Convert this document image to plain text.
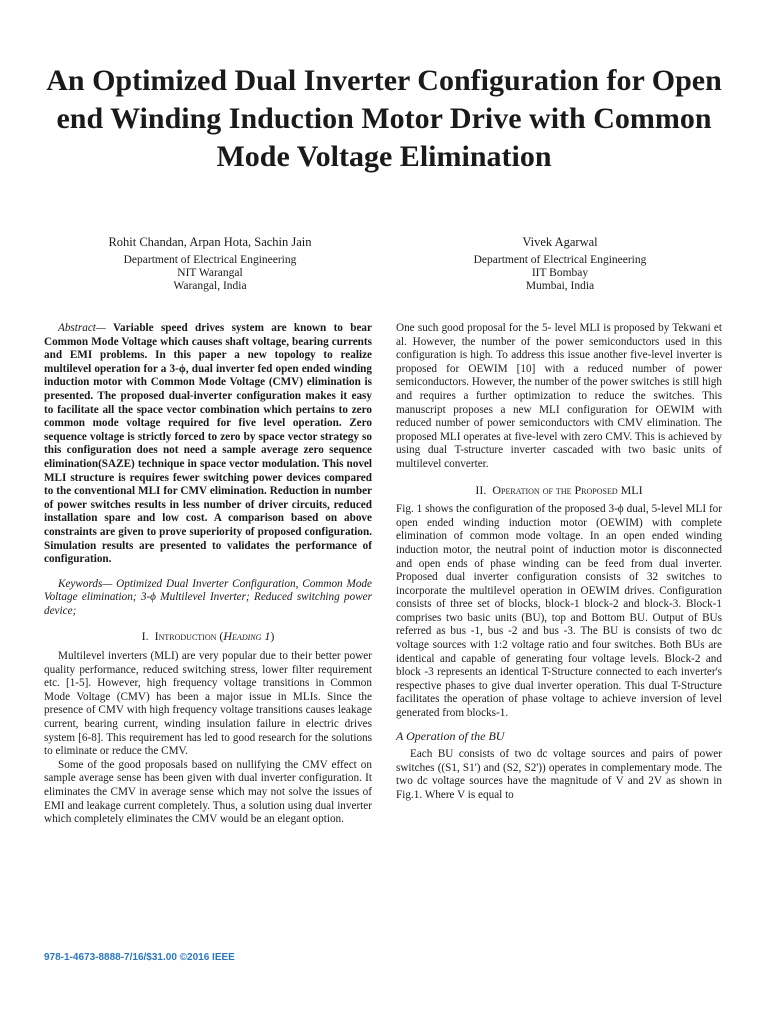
An Optimized Dual Inverter Configuration for Open end Winding Induction Motor Drive with Common Mode Voltage Elimination
Rohit Chandan, Arpan Hota, Sachin Jain
Department of Electrical Engineering
NIT Warangal
Warangal, India
Vivek Agarwal
Department of Electrical Engineering
IIT Bombay
Mumbai, India

Abstract— Variable speed drives system are known to bear Common Mode Voltage which causes shaft voltage, bearing currents and EMI problems. In this paper a new topology to realize multilevel operation for a 3-ϕ, dual inverter fed open ended winding induction motor with Common Mode Voltage (CMV) elimination is presented. The proposed dual-inverter configuration makes it easy to facilitate all the space vector combination which pertains to zero common mode voltage required for five level operation. Zero sequence voltage is strictly forced to zero by space vector strategy so this configuration does not need a sample average zero sequence elimination(SAZE) technique in space vector modulation. This novel MLI structure is requires fewer switching power devices compared to the conventional MLI for CMV elimination. Reduction in number of power switches results in less number of driver circuits, reduced installation spare and low cost. A comparison based on above constraints are given to prove superiority of proposed configuration. Simulation results are presented to validates the performance of configuration.

Keywords— Optimized Dual Inverter Configuration, Common Mode Voltage elimination; 3-ϕ Multilevel Inverter; Reduced switching power device;

I. Introduction (Heading 1)

Multilevel inverters (MLI) are very popular due to their better power quality performance, reduced switching stress, lower filter requirement etc. [1-5]. However, high frequency voltage transitions in Common Mode Voltage (CMV) has been a major issue in MLIs. Since the presence of CMV with high frequency voltage transitions causes leakage current, bearing current, winding insulation failure in electric drives system [6-8]. This requirement has led to good research for the solutions to eliminate or reduce the CMV.

Some of the good proposals based on nullifying the CMV effect on sample average sense has been given with dual inverter configuration. It eliminates the CMV in average sense which may not solve the issues of EMI and leakage current completely. Thus, a solution using dual inverter which completely eliminates the CMV would be an elegant option.

One such good proposal for the 5- level MLI is proposed by Tekwani et al. However, the number of the power semiconductors used in this configuration is high. To address this issue another five-level inverter is proposed for OEWIM [10] with a reduced number of power semiconductors. However, the number of the power switches is still high and requires a further optimization to reduce the switches. This manuscript proposes a new MLI configuration for OEWIM with reduced number of power semiconductors with CMV elimination. The proposed MLI operates at five-level with zero CMV. This is achieved by using dual T-structure inverter cascaded with two basic units of multilevel converter.

II. Operation of the Proposed MLI

Fig. 1 shows the configuration of the proposed 3-ϕ dual, 5-level MLI for open ended winding induction motor (OEWIM) with complete elimination of common mode voltage. In an open ended winding induction motor, the neutral point of induction motor is disconnected and open ends of phase winding can be feed from dual inverter. Proposed dual inverter configuration consists of 32 switches to incorporate the multilevel operation in OEWIM drives. Configuration consists of three set of blocks, block-1 block-2 and block-3. Block-1 comprises two basic units (BU), top and Bottom BU. Output of BUs referred as bus -1, bus -2 and bus -3. The BU is consists of two dc voltage sources with 1:2 voltage ratio and four switches. Both BUs are identical and capable of generating four voltage levels. Block-2 and block -3 represents an identical T-Structure connected to each inverter's respective phases to give dual inverter operation. This dual T-Structure facilitates the operation of phase voltage to achieve inversion of level generated from blocks-1.

A Operation of the BU

Each BU consists of two dc voltage sources and pairs of power switches ((S1, S1') and (S2, S2')) operates in complementary mode. The two dc voltage sources have the magnitude of V and 2V as shown in Fig.1. Where V is equal to

978-1-4673-8888-7/16/$31.00 ©2016 IEEE
